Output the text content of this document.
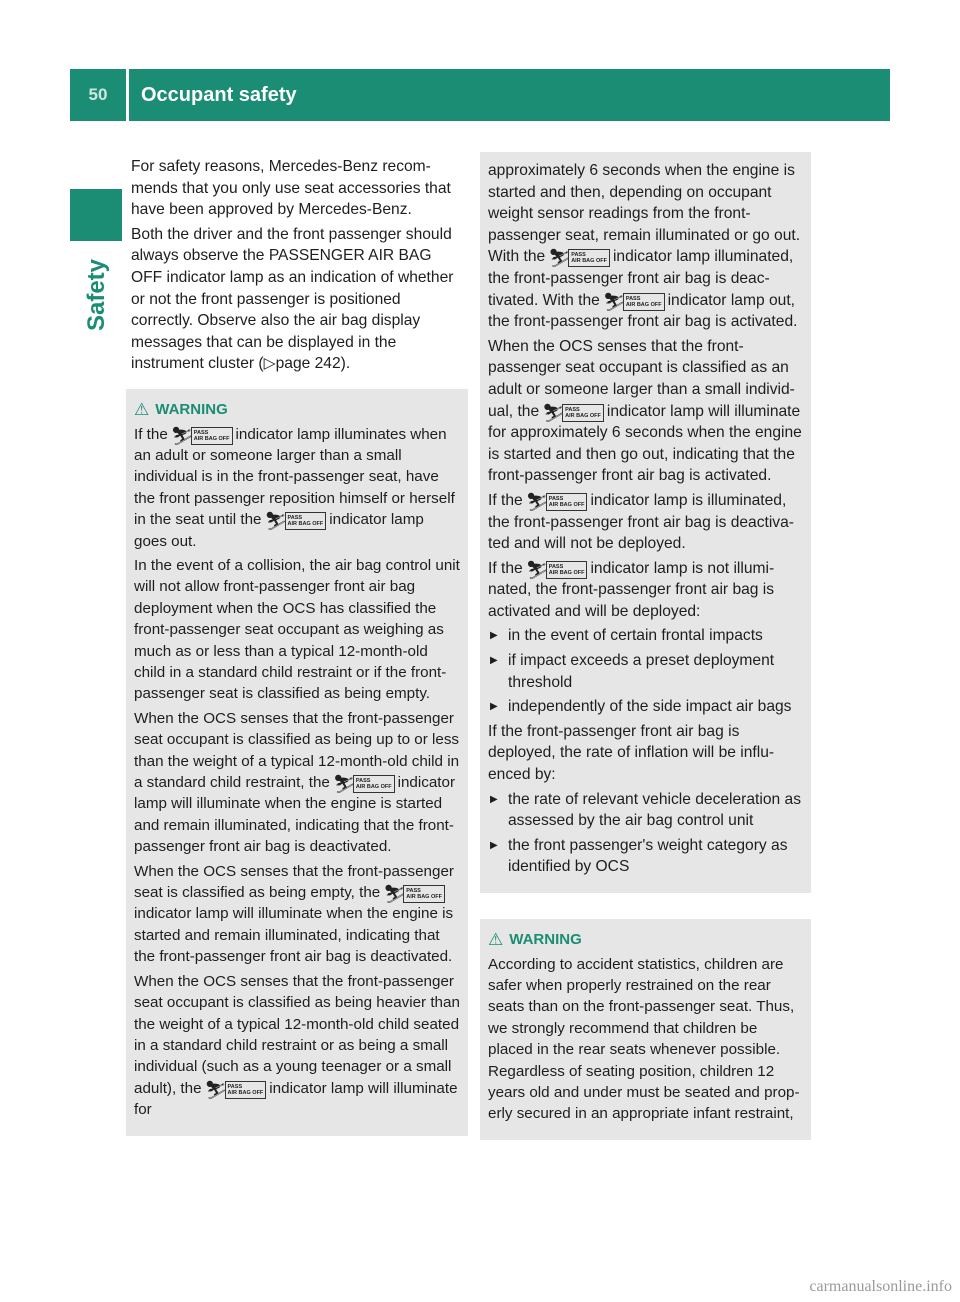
50	Occupant safety
Safety

For safety reasons, Mercedes-Benz recommends that you only use seat accessories that have been approved by Mercedes-Benz.

Both the driver and the front passenger should always observe the PASSENGER AIR BAG OFF indicator lamp as an indication of whether or not the front passenger is positioned correctly. Observe also the air bag display messages that can be displayed in the instrument cluster (▷page 242).

⚠ WARNING

If the ⛷ PASS
AIR BAG OFF indicator lamp illuminates when an adult or someone larger than a small individual is in the front-passenger seat, have the front passenger reposition himself or herself in the seat until the ⛷ PASS
AIR BAG OFF indicator lamp goes out.

In the event of a collision, the air bag control unit will not allow front-passenger front air bag deployment when the OCS has classified the front-passenger seat occupant as weighing as much as or less than a typical 12-month-old child in a standard child restraint or if the front-passenger seat is classified as being empty.

When the OCS senses that the front-passenger seat occupant is classified as being up to or less than the weight of a typical 12-month-old child in a standard child restraint, the ⛷ PASS
AIR BAG OFF indicator lamp will illuminate when the engine is started and remain illuminated, indicating that the front-passenger front air bag is deactivated.

When the OCS senses that the front-passenger seat is classified as being empty, the ⛷ PASS
AIR BAG OFF
indicator lamp will illuminate when the engine is started and remain illuminated, indicating that the front-passenger front air bag is deactivated.

When the OCS senses that the front-passenger seat occupant is classified as being heavier than the weight of a typical 12-month-old child seated in a standard child restraint or as being a small individual (such as a young teenager or a small adult), the ⛷ PASS
AIR BAG OFF indicator lamp will illuminate for

approximately 6 seconds when the engine is started and then, depending on occupant weight sensor readings from the front-passenger seat, remain illuminated or go out. With the ⛷ PASS
AIR BAG OFF indicator lamp illuminated, the front-passenger front air bag is deactivated. With the ⛷ PASS
AIR BAG OFF indicator lamp out, the front-passenger front air bag is activated.

When the OCS senses that the front-passenger seat occupant is classified as an adult or someone larger than a small individual, the ⛷ PASS
AIR BAG OFF indicator lamp will illuminate for approximately 6 seconds when the engine is started and then go out, indicating that the front-passenger front air bag is activated.

If the ⛷ PASS
AIR BAG OFF indicator lamp is illuminated, the front-passenger front air bag is deactivated and will not be deployed.

If the ⛷ PASS
AIR BAG OFF indicator lamp is not illuminated, the front-passenger front air bag is activated and will be deployed:

▶ in the event of certain frontal impacts
▶ if impact exceeds a preset deployment threshold
▶ independently of the side impact air bags

If the front-passenger front air bag is deployed, the rate of inflation will be influenced by:

▶ the rate of relevant vehicle deceleration as assessed by the air bag control unit
▶ the front passenger's weight category as identified by OCS
⚠ WARNING

According to accident statistics, children are safer when properly restrained on the rear seats than on the front-passenger seat. Thus, we strongly recommend that children be placed in the rear seats whenever possible. Regardless of seating position, children 12 years old and under must be seated and properly secured in an appropriate infant restraint,

carmanualsonline.info
